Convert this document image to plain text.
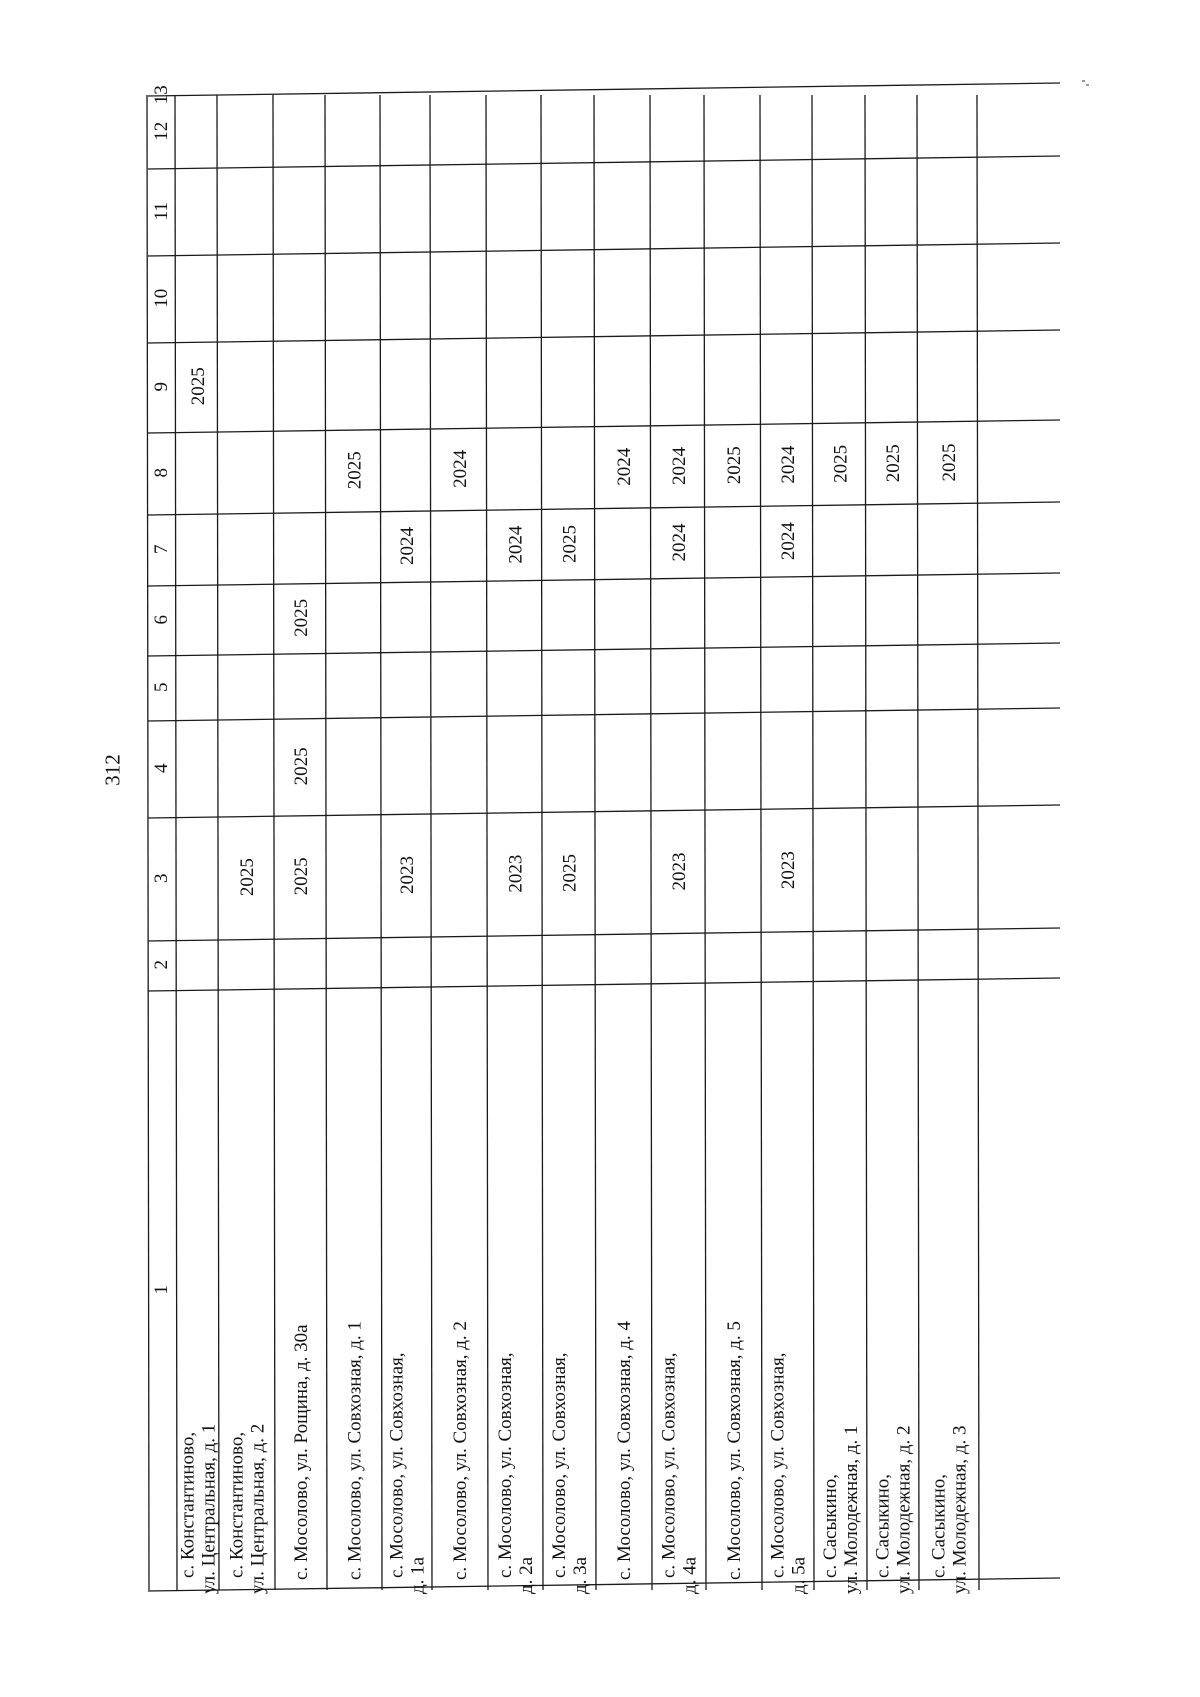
312
1
2
3
4
5
6
7
8
9
10
11
12
13
с. Константиново, ул. Центральная, д. 1
2025
с. Константиново, ул. Центральная, д. 2
2025
с. Мосолово, ул. Рощина, д. 30а
2025
2025
2025
с. Мосолово, ул. Совхозная, д. 1
2025
с. Мосолово, ул. Совхозная, д. 1а
2023
2024
с. Мосолово, ул. Совхозная, д. 2
2024
с. Мосолово, ул. Совхозная, д. 2а
2023
2024
с. Мосолово, ул. Совхозная, д. 3а
2025
2025
с. Мосолово, ул. Совхозная, д. 4
2024
с. Мосолово, ул. Совхозная, д. 4а
2023
2024
2024
с. Мосолово, ул. Совхозная, д. 5
2025
с. Мосолово, ул. Совхозная, д. 5а
2023
2024
2024
с. Сасыкино, ул. Молодежная, д. 1
2025
с. Сасыкино, ул. Молодежная, д. 2
2025
с. Сасыкино, ул. Молодежная, д. 3
2025
